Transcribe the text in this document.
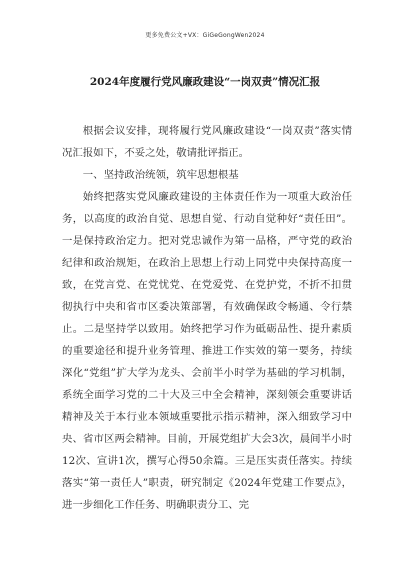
更多免费公文+VX：GiGeGongWen2024
2024年度履行党风廉政建设“一岗双责”情况汇报

根据会议安排，现将履行党风廉政建设“一岗双责”落实情况汇报如下，不妥之处，敬请批评指正。

一、坚持政治统领，筑牢思想根基

始终把落实党风廉政建设的主体责任作为一项重大政治任务，以高度的政治自觉、思想自觉、行动自觉种好“责任田”。一是保持政治定力。把对党忠诚作为第一品格，严守党的政治纪律和政治规矩，在政治上思想上行动上同党中央保持高度一致，在党言党、在党忧党、在党爱党、在党护党，不折不扣贯彻执行中央和省市区委决策部署，有效确保政令畅通、令行禁止。二是坚持学以致用。始终把学习作为砥砺品性、提升素质的重要途径和提升业务管理、推进工作实效的第一要务，持续深化“党组”扩大学为龙头、会前半小时学为基础的学习机制，系统全面学习党的二十大及三中全会精神，深刻领会重要讲话精神及关于本行业本领域重要批示指示精神，深入细致学习中央、省市区两会精神。目前，开展党组扩大会3次，晨间半小时12次、宣讲1次，撰写心得50余篇。三是压实责任落实。持续落实“第一责任人”职责，研究制定《2024年党建工作要点》，进一步细化工作任务、明确职责分工、完
